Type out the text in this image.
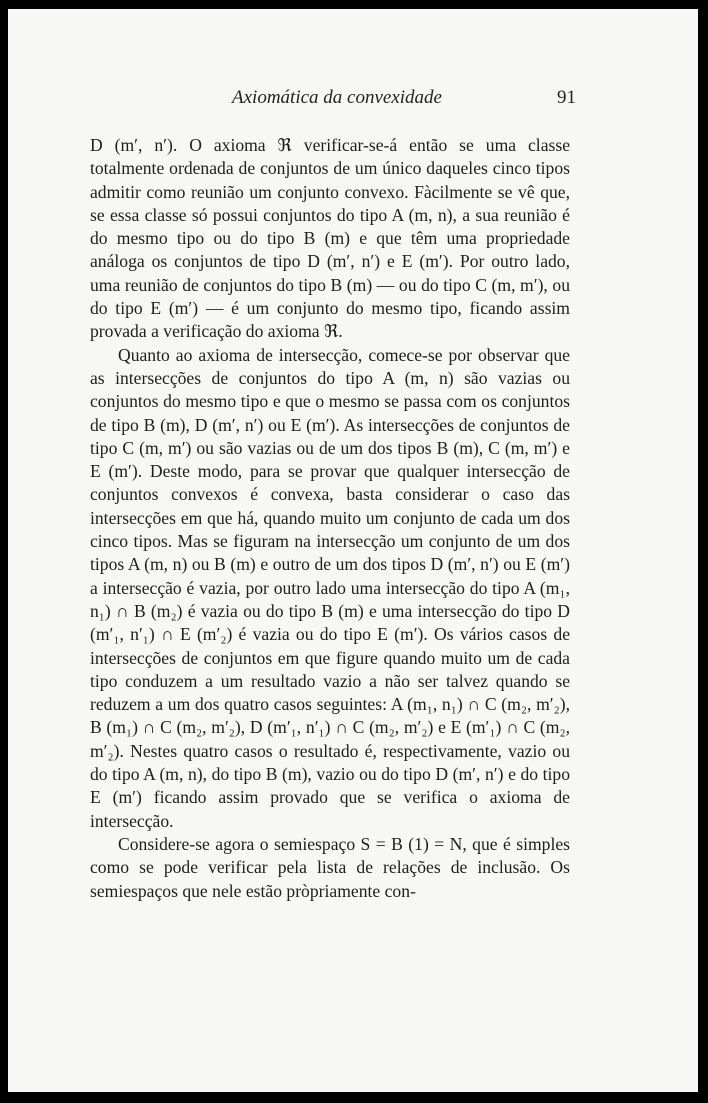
Axiomática da convexidade	91

D (m′, n′). O axioma ℜ verificar-se-á então se uma classe totalmente ordenada de conjuntos de um único daqueles cinco tipos admitir como reunião um conjunto convexo. Fàcilmente se vê que, se essa classe só possui conjuntos do tipo A (m, n), a sua reunião é do mesmo tipo ou do tipo B (m) e que têm uma propriedade análoga os conjuntos de tipo D (m′, n′) e E (m′). Por outro lado, uma reunião de conjuntos do tipo B (m) — ou do tipo C (m, m′), ou do tipo E (m′) — é um conjunto do mesmo tipo, ficando assim provada a verificação do axioma ℜ.

Quanto ao axioma de intersecção, comece-se por observar que as intersecções de conjuntos do tipo A (m, n) são vazias ou conjuntos do mesmo tipo e que o mesmo se passa com os conjuntos de tipo B (m), D (m′, n′) ou E (m′). As intersecções de conjuntos de tipo C (m, m′) ou são vazias ou de um dos tipos B (m), C (m, m′) e E (m′). Deste modo, para se provar que qualquer intersecção de conjuntos convexos é convexa, basta considerar o caso das intersecções em que há, quando muito um conjunto de cada um dos cinco tipos. Mas se figuram na intersecção um conjunto de um dos tipos A (m, n) ou B (m) e outro de um dos tipos D (m′, n′) ou E (m′) a intersecção é vazia, por outro lado uma intersecção do tipo A (m₁, n₁) ∩ B (m₂) é vazia ou do tipo B (m) e uma intersecção do tipo D (m′₁, n′₁) ∩ E (m′₂) é vazia ou do tipo E (m′). Os vários casos de intersecções de conjuntos em que figure quando muito um de cada tipo conduzem a um resultado vazio a não ser talvez quando se reduzem a um dos quatro casos seguintes: A (m₁, n₁) ∩ C (m₂, m′₂), B (m₁) ∩ C (m₂, m′₂), D (m′₁, n′₁) ∩ C (m₂, m′₂) e E (m′₁) ∩ C (m₂, m′₂). Nestes quatro casos o resultado é, respectivamente, vazio ou do tipo A (m, n), do tipo B (m), vazio ou do tipo D (m′, n′) e do tipo E (m′) ficando assim provado que se verifica o axioma de intersecção.

Considere-se agora o semiespaço S = B (1) = N, que é simples como se pode verificar pela lista de relações de inclusão. Os semiespaços que nele estão pròpriamente con-
